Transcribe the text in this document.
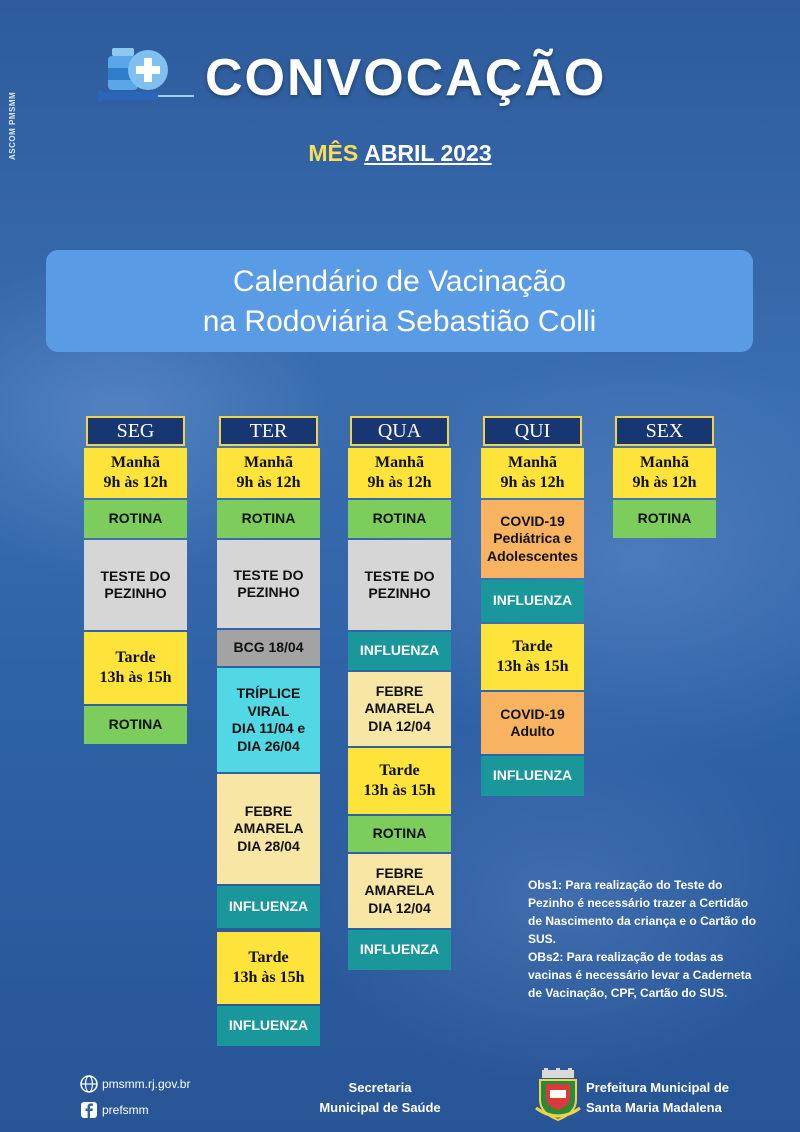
ASCOM PMSMM
CONVOCAÇÃO
MÊS ABRIL 2023
Calendário de Vacinação
na Rodoviária Sebastião Colli
SEG
Manhã
9h às 12h
ROTINA
TESTE DO
PEZINHO
Tarde
13h às 15h
ROTINA
TER
Manhã
9h às 12h
ROTINA
TESTE DO
PEZINHO
BCG 18/04
TRÍPLICE
VIRAL
DIA 11/04 e
DIA 26/04
FEBRE
AMARELA
DIA 28/04
INFLUENZA
Tarde
13h às 15h
INFLUENZA
QUA
Manhã
9h às 12h
ROTINA
TESTE DO
PEZINHO
INFLUENZA
FEBRE
AMARELA
DIA 12/04
Tarde
13h às 15h
ROTINA
FEBRE
AMARELA
DIA 12/04
INFLUENZA
QUI
Manhã
9h às 12h
COVID-19
Pediátrica e
Adolescentes
INFLUENZA
Tarde
13h às 15h
COVID-19
Adulto
INFLUENZA
SEX
Manhã
9h às 12h
ROTINA

Obs1: Para realização do Teste do Pezinho é necessário trazer a Certidão de Nascimento da criança e o Cartão do SUS.

OBs2: Para realização de todas as vacinas é necessário levar a Caderneta de Vacinação, CPF, Cartão do SUS.

pmsmm.rj.gov.br
prefsmm
Secretaria
Municipal de Saúde
Prefeitura Municipal de
Santa Maria Madalena
